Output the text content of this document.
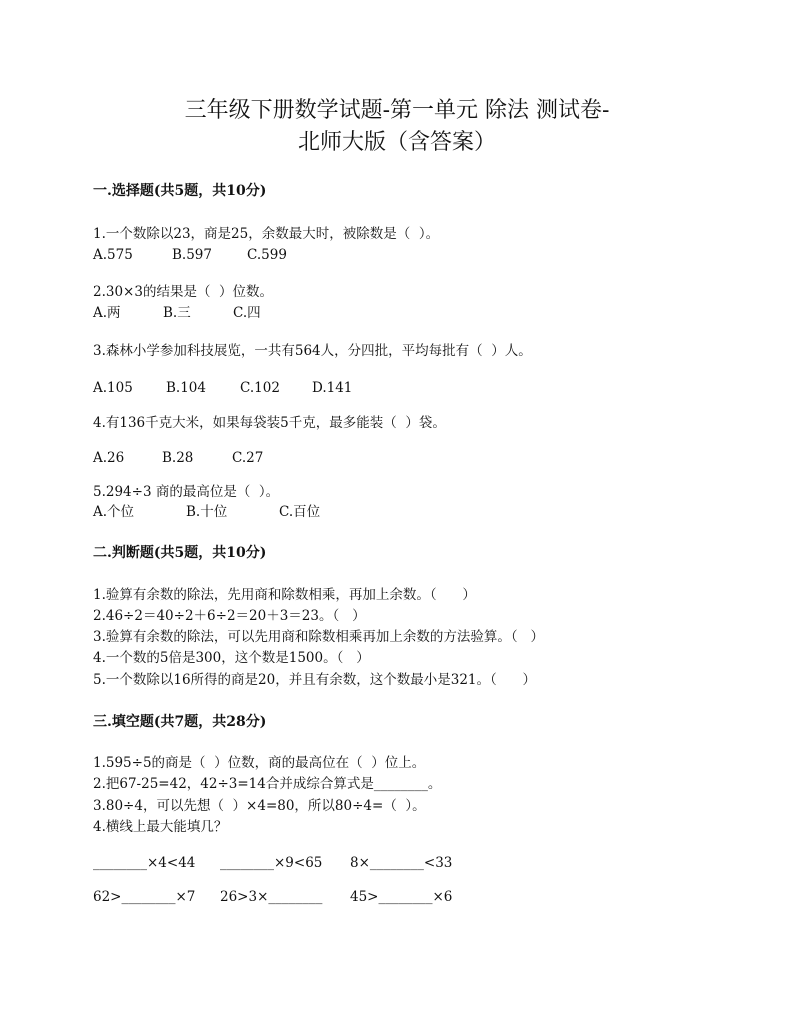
三年级下册数学试题-第一单元 除法 测试卷-
北师大版（含答案）
一.选择题(共5题，共10分)
1.一个数除以23，商是25，余数最大时，被除数是（  ）。
A.575	B.597	C.599
2.30×3的结果是（  ）位数。
A.两	B.三	C.四
3.森林小学参加科技展览，一共有564人，分四批，平均每批有（  ）人。
A.105 B.104	C.102 D.141
4.有136千克大米，如果每袋装5千克，最多能装（  ）袋。
A.26	B.28	C.27
5.294÷3 商的最高位是（  ）。
A.个位	B.十位	C.百位
二.判断题(共5题，共10分)
1.验算有余数的除法，先用商和除数相乘，再加上余数。（      ）
2.46÷2＝40÷2＋6÷2＝20＋3＝23。（   ）
3.验算有余数的除法，可以先用商和除数相乘再加上余数的方法验算。（   ）
4.一个数的5倍是300，这个数是1500。（   ）
5.一个数除以16所得的商是20，并且有余数，这个数最小是321。（      ）
三.填空题(共7题，共28分)
1.595÷5的商是（  ）位数，商的最高位在（  ）位上。
2.把67-25=42，42÷3=14合并成综合算式是________。
3.80÷4，可以先想（  ）×4=80，所以80÷4=（  ）。
4.横线上最大能填几？
________×4<44 ________×9<65 8×________<33
62>________×7 26>3×________ 45>________×6
